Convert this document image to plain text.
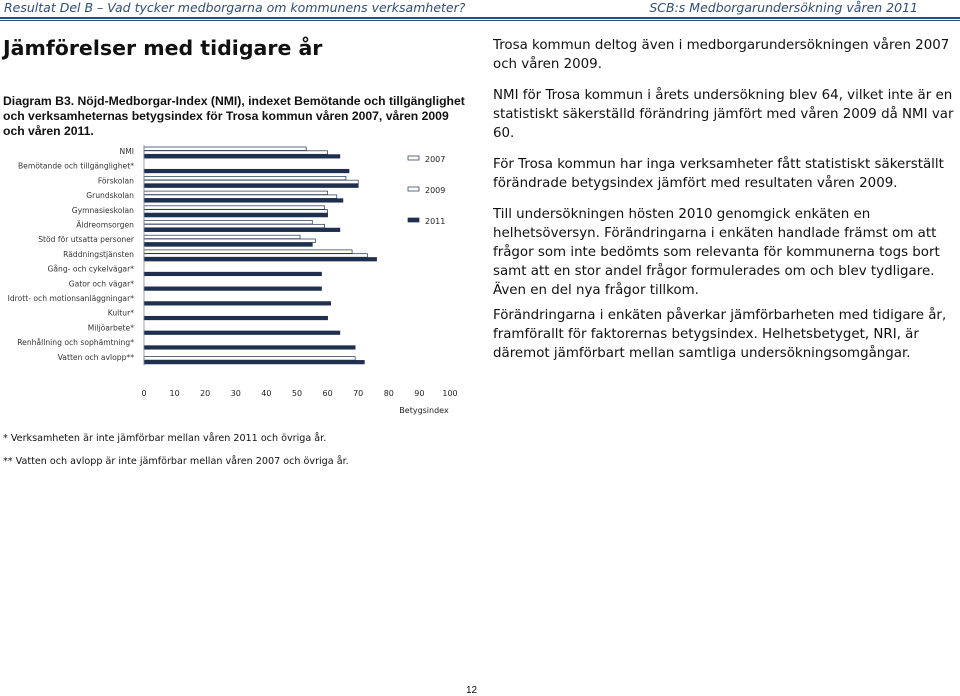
Resultat Del B – Vad tycker medborgarna om kommunens verksamheter?	SCB:s Medborgarundersökning våren 2011
Jämförelser med tidigare år
Diagram B3. Nöjd-Medborgar-Index (NMI), indexet Bemötande och tillgänglighet och verksamheternas betygsindex för Trosa kommun våren 2007, våren 2009 och våren 2011.
NMI
Bemötande och tillgänglighet*
Förskolan
Grundskolan
Gymnasieskolan
Äldreomsorgen
Stöd för utsatta personer
Räddningstjänsten
Gång- och cykelvägar*
Gator och vägar*
Idrott- och motionsanläggningar*
Kultur*
Miljöarbete*
Renhållning och sophämtning*
Vatten och avlopp**
0	10	20	30	40	50	60	70	80	90 100
Betygsindex
2007
2009
2011
* Verksamheten är inte jämförbar mellan våren 2011 och övriga år.
** Vatten och avlopp är inte jämförbar mellan våren 2007 och övriga år.

Trosa kommun deltog även i medborgarundersökningen våren 2007 och våren 2009.

NMI för Trosa kommun i årets undersökning blev 64, vilket inte är en statistiskt säkerställd förändring jämfört med våren 2009 då NMI var 60.

För Trosa kommun har inga verksamheter fått statistiskt säkerställt förändrade betygsindex jämfört med resultaten våren 2009.

Till undersökningen hösten 2010 genomgick enkäten en helhetsöversyn. Förändringarna i enkäten handlade främst om att frågor som inte bedömts som relevanta för kommunerna togs bort samt att en stor andel frågor formulerades om och blev tydligare. Även en del nya frågor tillkom.

Förändringarna i enkäten påverkar jämförbarheten med tidigare år, framförallt för faktorernas betygsindex. Helhetsbetyget, NRI, är däremot jämförbart mellan samtliga undersökningsomgångar.

12
